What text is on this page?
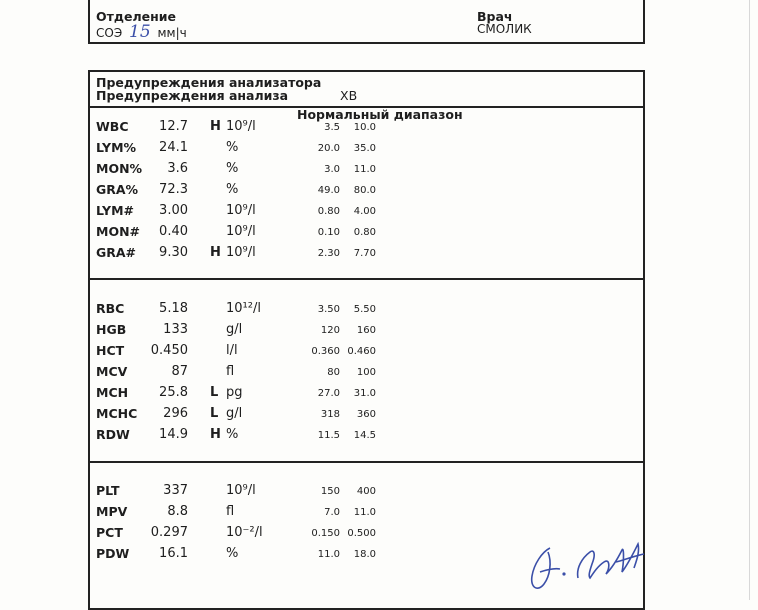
Отделение
СОЭ 15 мм|ч
Врач
СМОЛИК
Предупреждения анализатора
Предупреждения анализа	XB
Нормальный диапазон
WBC	12.7 H 10⁹/l	3.5	10.0
LYM%	24.1	%	20.0	35.0
MON%	3.6	%	3.0	11.0
GRA%	72.3	%	49.0	80.0
LYM#	3.00	10⁹/l	0.80	4.00
MON#	0.40	10⁹/l	0.10	0.80
GRA#	9.30 H 10⁹/l	2.30	7.70
RBC	5.18	10¹²/l	3.50	5.50
HGB	133	g/l	120	160
HCT 0.450	l/l	0.360 0.460
MCV	87	fl	80	100
MCH	25.8 L pg	27.0	31.0
MCHC	296 L g/l	318	360
RDW	14.9 H %	11.5	14.5
PLT	337	10⁹/l	150	400
MPV	8.8	fl	7.0	11.0
PCT 0.297	10⁻²/l	0.150 0.500
PDW	16.1	%	11.0	18.0
